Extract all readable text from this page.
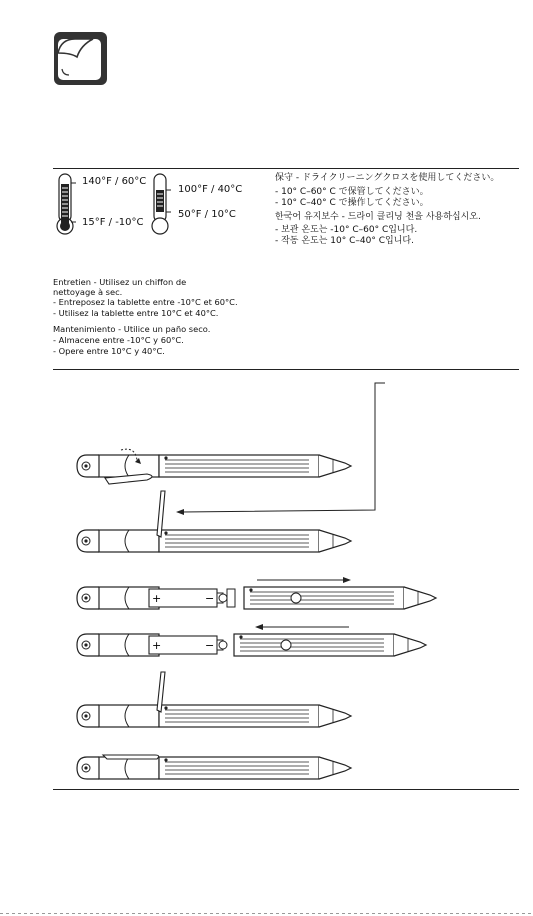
140°F / 60°C
15°F / -10°C
100°F / 40°C
50°F / 10°C
保守 - ドライクリーニングクロスを使用してください。
- 10° C–60° C で保管してください。
- 10° C–40° C で操作してください。
한국어 유지보수 - 드라이 클리닝 천을 사용하십시오.
- 보관 온도는 -10° C–60° C입니다.
- 작동 온도는 10° C–40° C입니다.
Entretien - Utilisez un chiffon de
nettoyage à sec.
- Entreposez la tablette entre -10°C et 60°C.
- Utilisez la tablette entre 10°C et 40°C.
Mantenimiento - Utilice un paño seco.
- Almacene entre -10°C y 60°C.
- Opere entre 10°C y 40°C.
+	−
+	−
